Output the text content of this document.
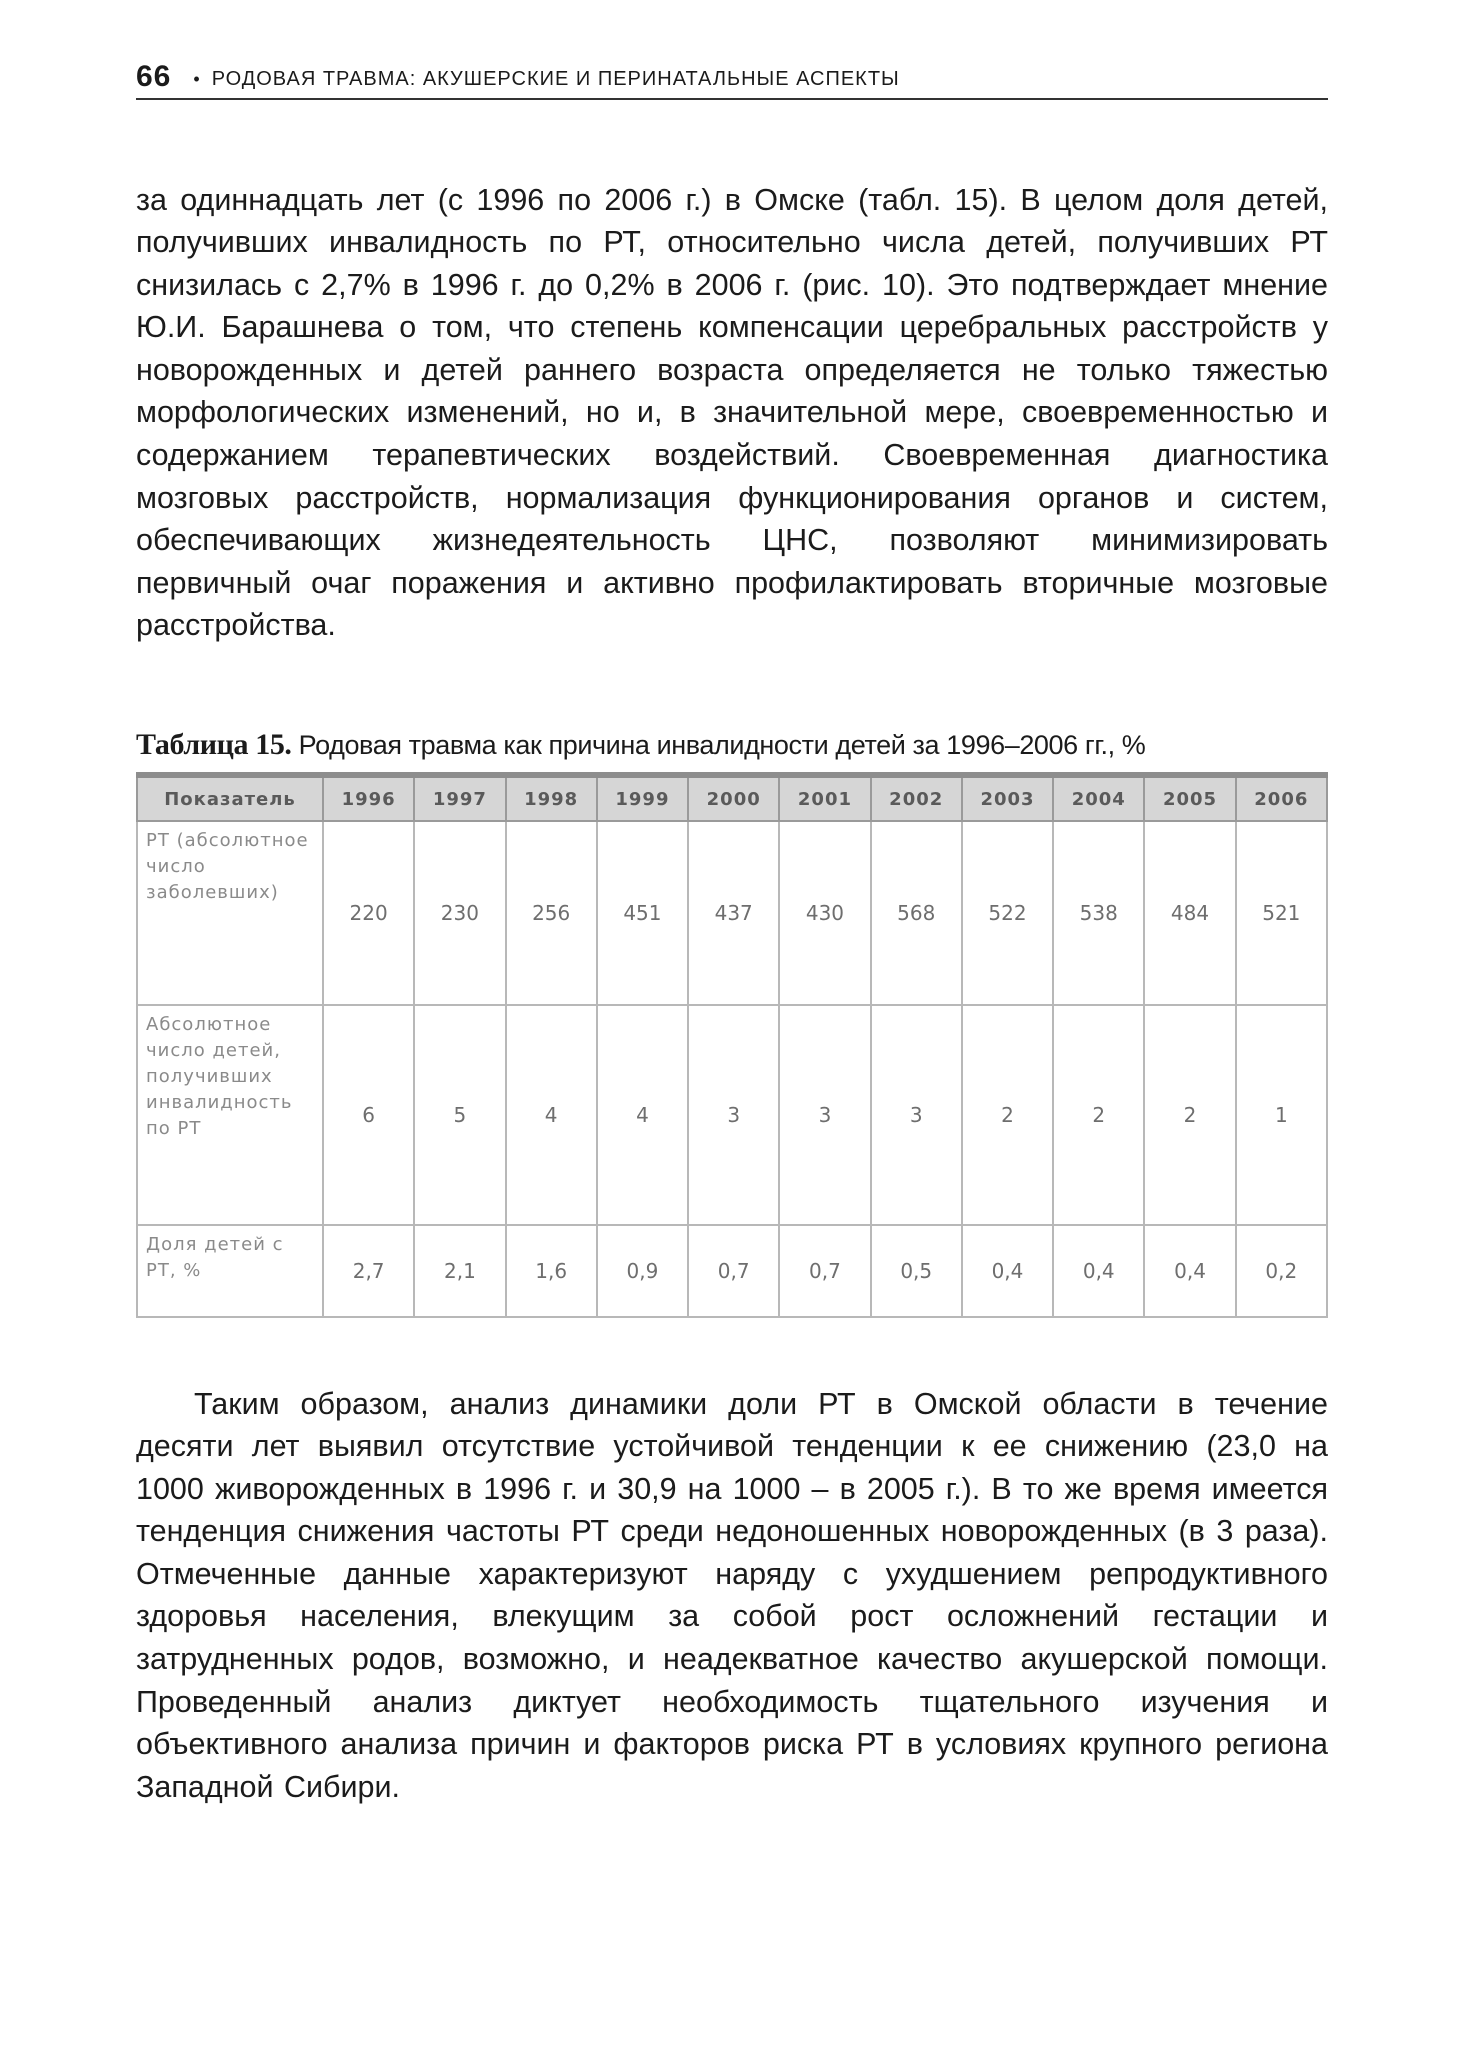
66 • РОДОВАЯ ТРАВМА: АКУШЕРСКИЕ И ПЕРИНАТАЛЬНЫЕ АСПЕКТЫ

за одиннадцать лет (с 1996 по 2006 г.) в Омске (табл. 15). В целом доля детей, получивших инвалидность по РТ, относительно числа детей, получивших РТ снизилась с 2,7% в 1996 г. до 0,2% в 2006 г. (рис. 10). Это подтверждает мнение Ю.И. Барашнева о том, что степень компенсации церебральных расстройств у новорожденных и детей раннего возраста определяется не только тяжестью морфологических изменений, но и, в значительной мере, своевременностью и содержанием терапевтических воздействий. Своевременная диагностика мозговых расстройств, нормализация функционирования органов и систем, обеспечивающих жизнедеятельность ЦНС, позволяют минимизировать первичный очаг поражения и активно профилактировать вторичные мозговые расстройства.

Таблица 15. Родовая травма как причина инвалидности детей за 1996–2006 гг., %
Показатель	1996	1997	1998	1999	2000	2001	2002	2003	2004	2005	2006
РТ (абсолютное число заболевших)	220	230	256	451	437	430	568	522	538	484	521
Абсолютное число детей, получивших инвалидность по РТ	6	5	4	4	3	3	3	2	2	2	1
Доля детей с РТ, %	2,7	2,1	1,6	0,9	0,7	0,7	0,5	0,4	0,4	0,4	0,2

Таким образом, анализ динамики доли РТ в Омской области в течение десяти лет выявил отсутствие устойчивой тенденции к ее снижению (23,0 на 1000 живорожденных в 1996 г. и 30,9 на 1000 – в 2005 г.). В то же время имеется тенденция снижения частоты РТ среди недоношенных новорожденных (в 3 раза). Отмеченные данные характеризуют наряду с ухудшением репродуктивного здоровья населения, влекущим за собой рост осложнений гестации и затрудненных родов, возможно, и неадекватное качество акушерской помощи. Проведенный анализ диктует необходимость тщательного изучения и объективного анализа причин и факторов риска РТ в условиях крупного региона Западной Сибири.
